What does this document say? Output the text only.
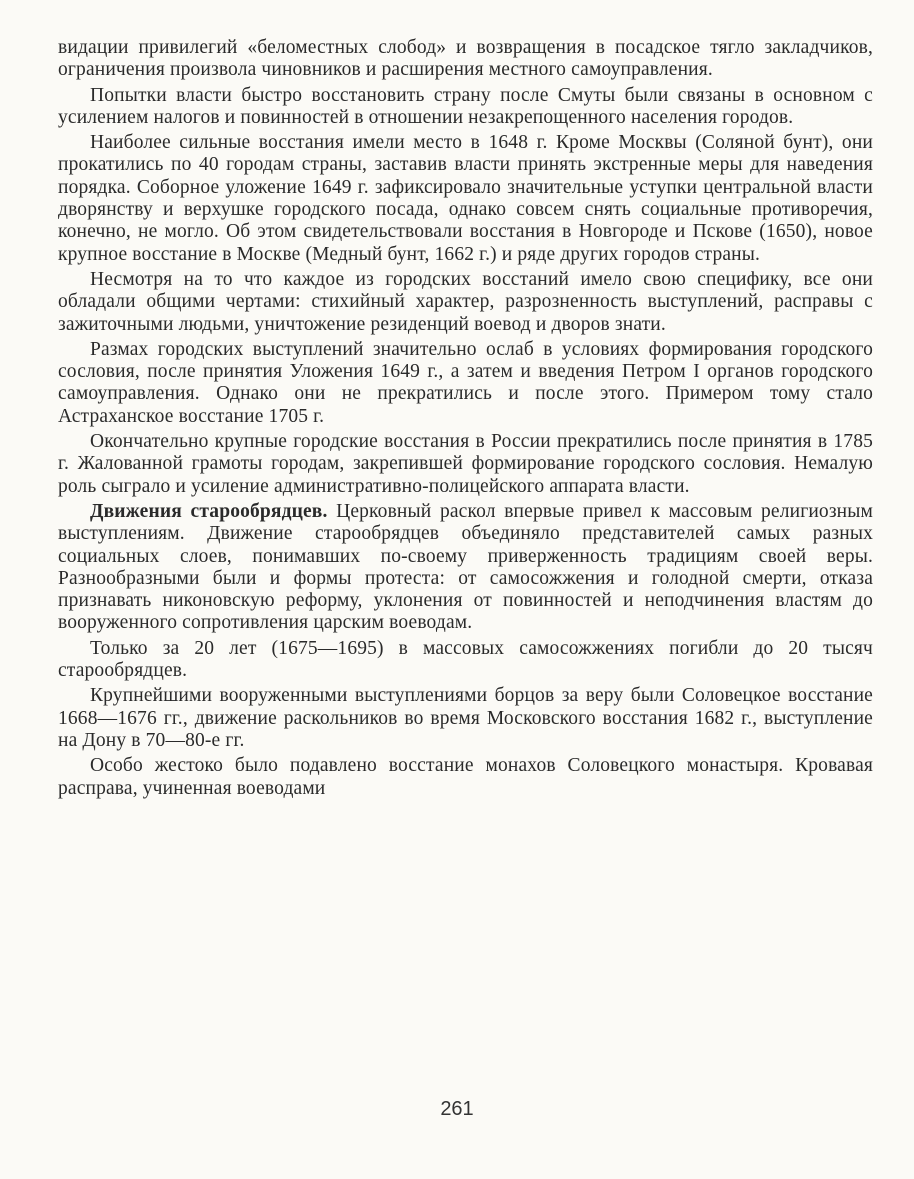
видации привилегий «беломестных слобод» и возвращения в посадское тягло закладчиков, ограничения произвола чиновников и расширения местного самоуправления.

Попытки власти быстро восстановить страну после Смуты были связаны в основном с усилением налогов и повинностей в отношении незакрепощенного населения городов.

Наиболее сильные восстания имели место в 1648 г. Кроме Москвы (Соляной бунт), они прокатились по 40 городам страны, заставив власти принять экстренные меры для наведения порядка. Соборное уложение 1649 г. зафиксировало значительные уступки центральной власти дворянству и верхушке городского посада, однако совсем снять социальные противоречия, конечно, не могло. Об этом свидетельствовали восстания в Новгороде и Пскове (1650), новое крупное восстание в Москве (Медный бунт, 1662 г.) и ряде других городов страны.

Несмотря на то что каждое из городских восстаний имело свою специфику, все они обладали общими чертами: стихийный характер, разрозненность выступлений, расправы с зажиточными людьми, уничтожение резиденций воевод и дворов знати.

Размах городских выступлений значительно ослаб в условиях формирования городского сословия, после принятия Уложения 1649 г., а затем и введения Петром I органов городского самоуправления. Однако они не прекратились и после этого. Примером тому стало Астраханское восстание 1705 г.

Окончательно крупные городские восстания в России прекратились после принятия в 1785 г. Жалованной грамоты городам, закрепившей формирование городского сословия. Немалую роль сыграло и усиление административно-полицейского аппарата власти.

Движения старообрядцев. Церковный раскол впервые привел к массовым религиозным выступлениям. Движение старообрядцев объединяло представителей самых разных социальных слоев, понимавших по-своему приверженность традициям своей веры. Разнообразными были и формы протеста: от самосожжения и голодной смерти, отказа признавать никоновскую реформу, уклонения от повинностей и неподчинения властям до вооруженного сопротивления царским воеводам.

Только за 20 лет (1675—1695) в массовых самосожжениях погибли до 20 тысяч старообрядцев.

Крупнейшими вооруженными выступлениями борцов за веру были Соловецкое восстание 1668—1676 гг., движение раскольников во время Московского восстания 1682 г., выступление на Дону в 70—80-е гг.

Особо жестоко было подавлено восстание монахов Соловецкого монастыря. Кровавая расправа, учиненная воеводами

261
